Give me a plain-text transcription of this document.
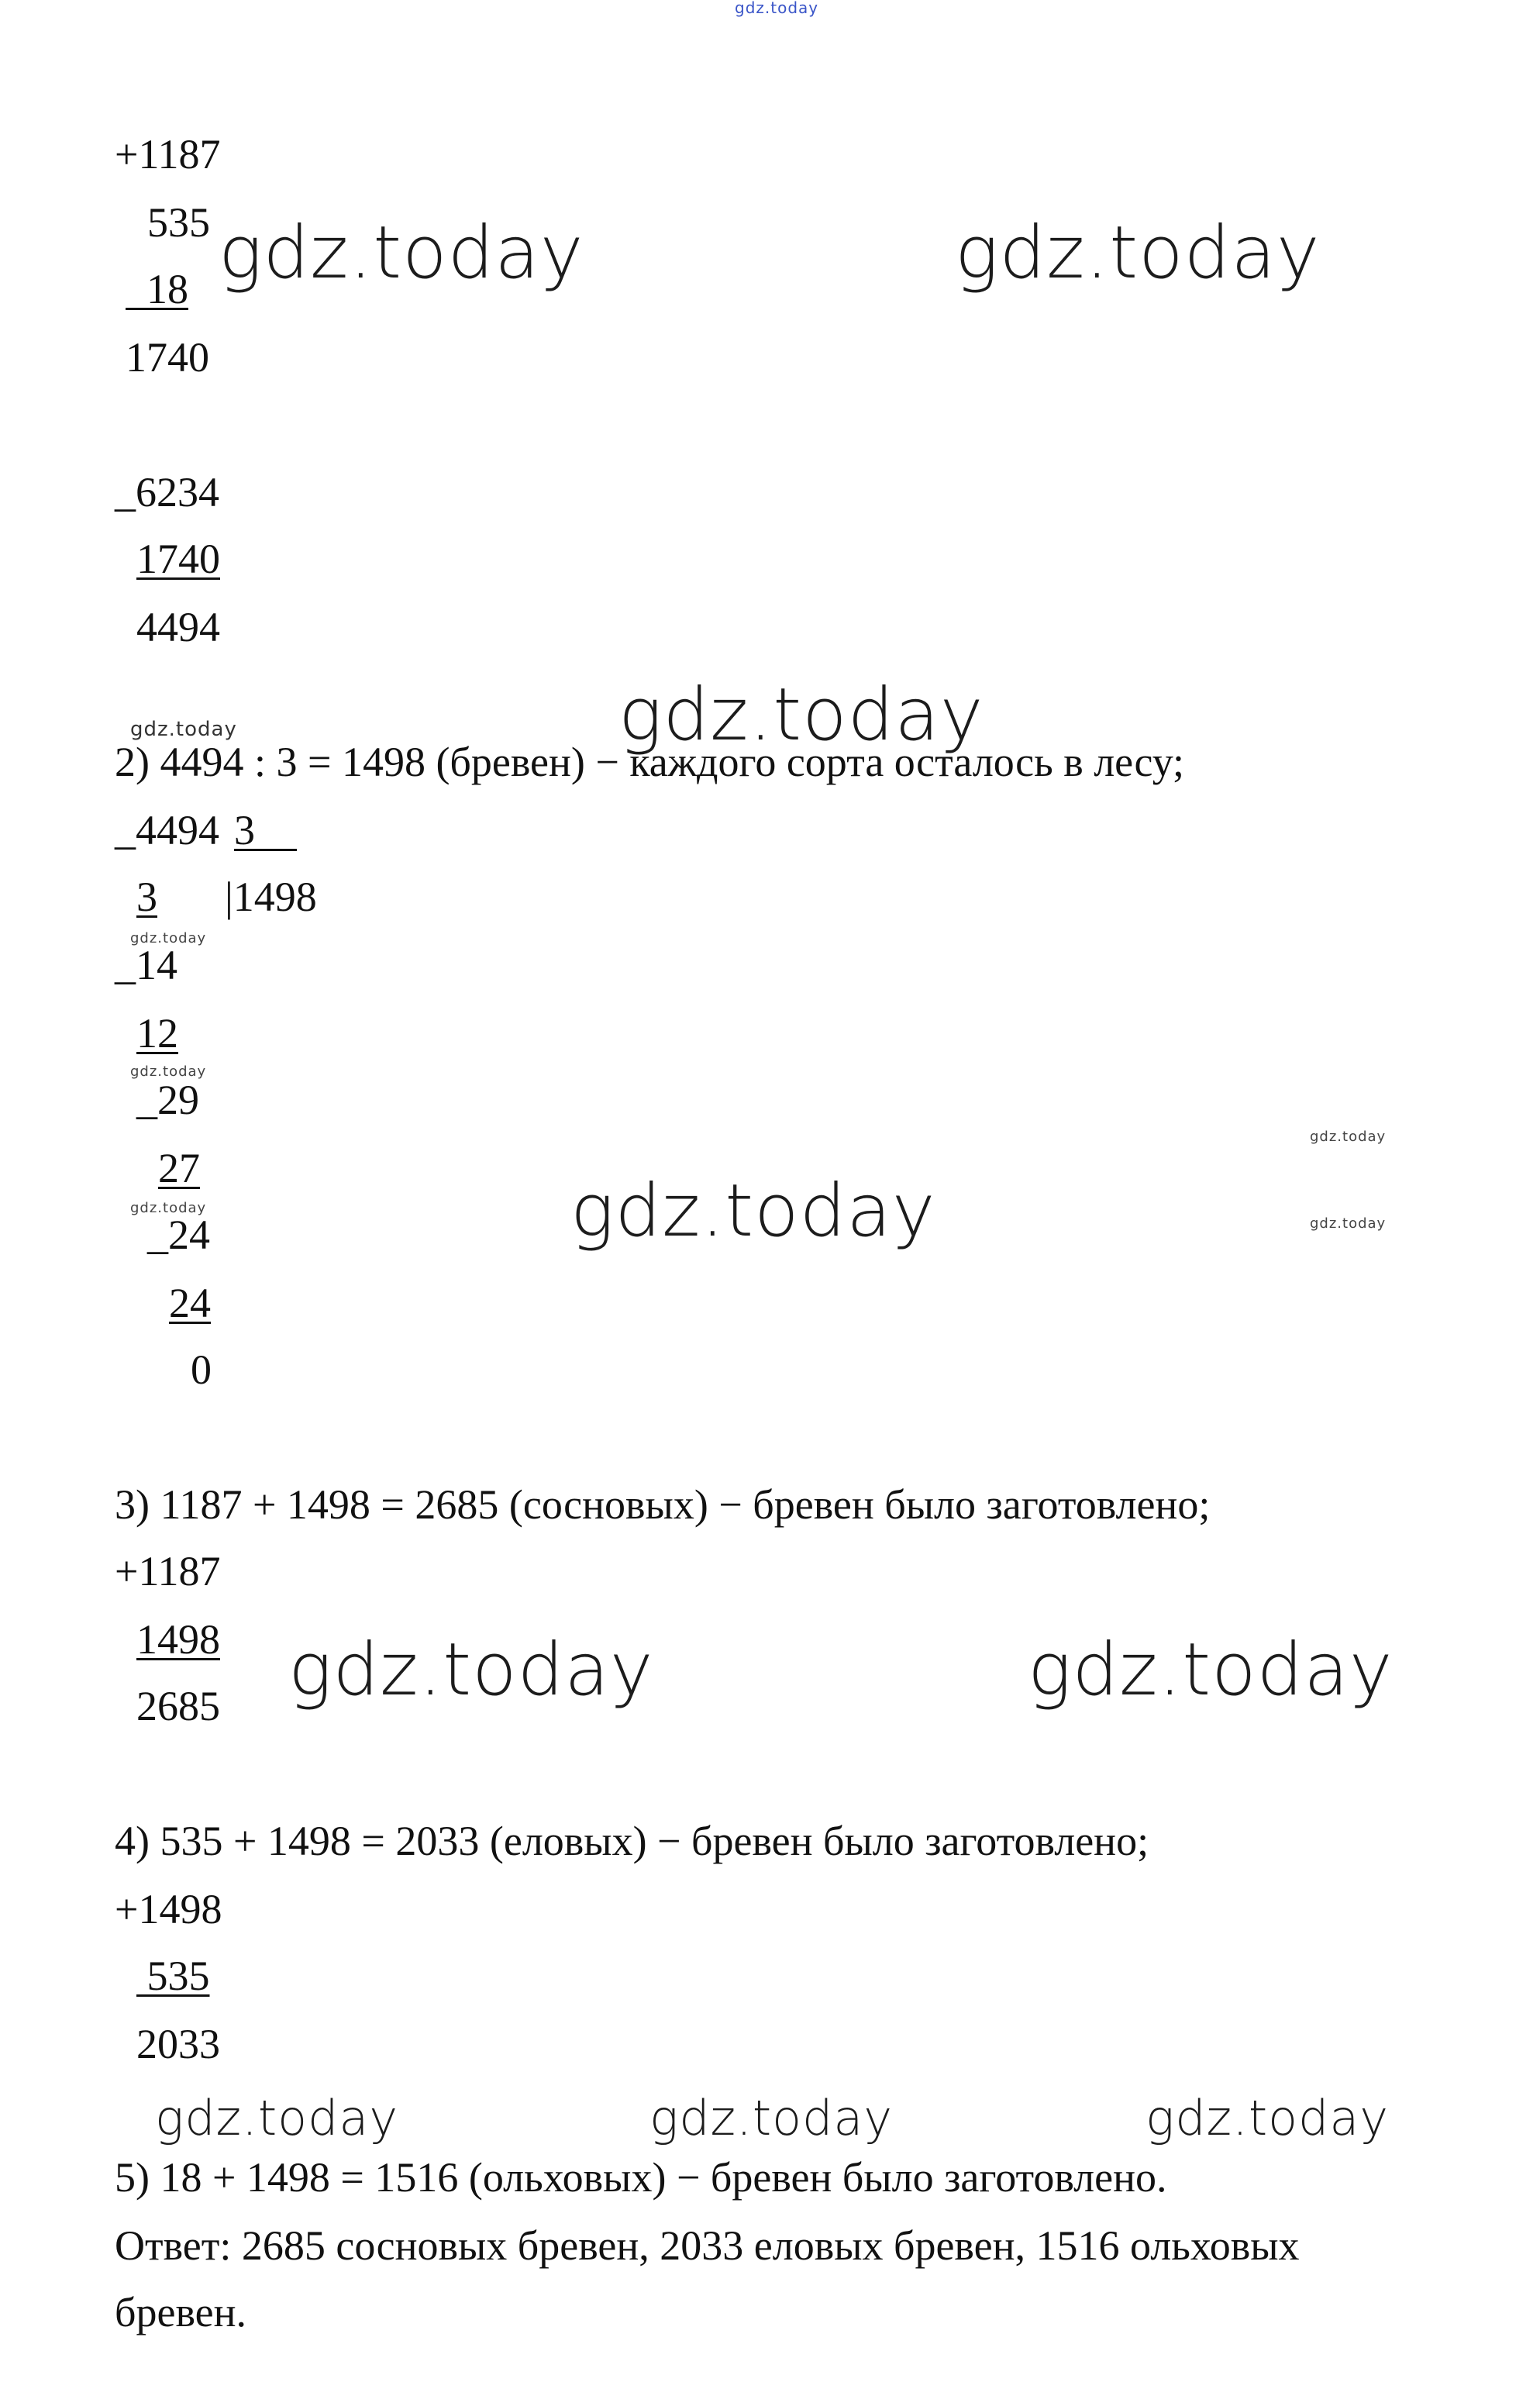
gdz.today
+1187
535
18
1740
gdz.today	gdz.today
_6234
1740
4494
gdz.today	gdz.today
2) 4494 : 3 = 1498 (бревен) − каждого сорта осталось в лесу;
_4494 3
3 |1498
gdz.today
_14
12
gdz.today
_29
27
gdz.today
_24
24
0
gdz.today
gdz.today
gdz.today
3) 1187 + 1498 = 2685 (сосновых) − бревен было заготовлено;
+1187
1498
2685 gdz.today	gdz.today
4) 535 + 1498 = 2033 (еловых) − бревен было заготовлено;
+1498
535
2033
gdz.today	gdz.today	gdz.today
5) 18 + 1498 = 1516 (ольховых) − бревен было заготовлено.
Ответ: 2685 сосновых бревен, 2033 еловых бревен, 1516 ольховых
бревен.
